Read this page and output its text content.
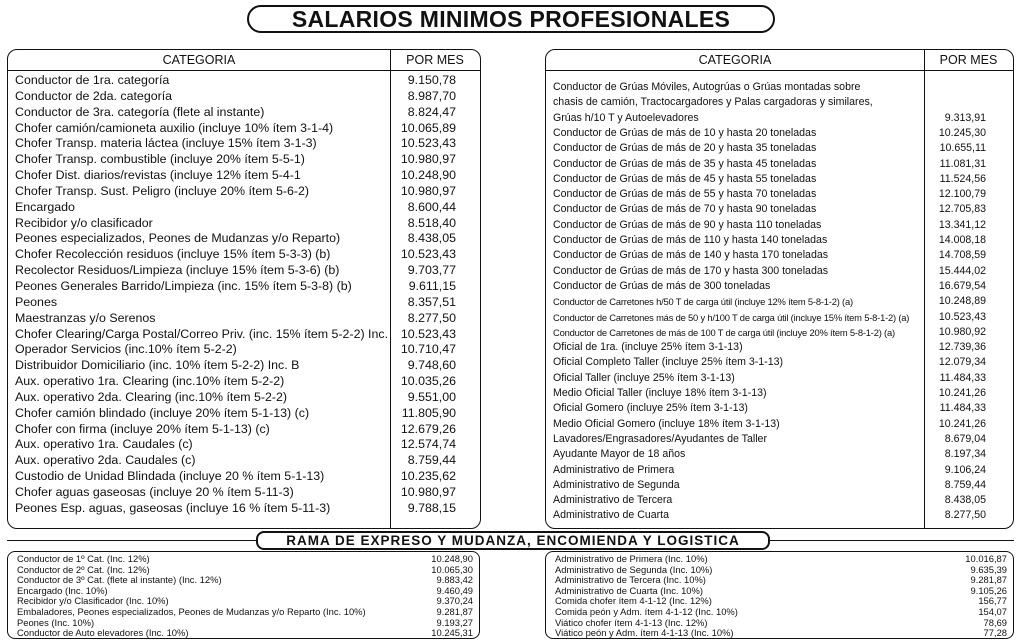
SALARIOS MINIMOS PROFESIONALES
CATEGORIA	POR MES
Conductor de 1ra. categoría	9.150,78
Conductor de 2da. categoría	8.987,70
Conductor de 3ra. categoría (flete al instante)	8.824,47
Chofer camión/camioneta auxilio (incluye 10% ítem 3-1-4)	10.065,89
Chofer Transp. materia láctea (incluye 15% ítem 3-1-3)	10.523,43
Chofer Transp. combustible (incluye 20% ítem 5-5-1)	10.980,97
Chofer Dist. diarios/revistas (incluye 12% ítem 5-4-1	10.248,90
Chofer Transp. Sust. Peligro (incluye 20% ítem 5-6-2)	10.980,97
Encargado	8.600,44
Recibidor y/o clasificador	8.518,40
Peones especializados, Peones de Mudanzas y/o Reparto)	8.438,05
Chofer Recolección residuos (incluye 15% ítem 5-3-3) (b)	10.523,43
Recolector Residuos/Limpieza (incluye 15% ítem 5-3-6) (b)	9.703,77
Peones Generales Barrido/Limpieza (inc. 15% ítem 5-3-8) (b)	9.611,15
Peones	8.357,51
Maestranzas y/o Serenos	8.277,50
Chofer Clearing/Carga Postal/Correo Priv. (inc. 15% ítem 5-2-2) Inc. 10.523,43
Operador Servicios (inc.10% ítem 5-2-2)	10.710,47
Distribuidor Domiciliario (inc. 10% ítem 5-2-2) Inc. B	9.748,60
Aux. operativo 1ra. Clearing (inc.10% ítem 5-2-2)	10.035,26
Aux. operativo 2da. Clearing (inc.10% ítem 5-2-2)	9.551,00
Chofer camión blindado (incluye 20% ítem 5-1-13) (c)	11.805,90
Chofer con firma (incluye 20% ítem 5-1-13) (c)	12.679,26
Aux. operativo 1ra. Caudales (c)	12.574,74
Aux. operativo 2da. Caudales (c)	8.759,44
Custodio de Unidad Blindada (incluye 20 % ítem 5-1-13)	10.235,62
Chofer aguas gaseosas (incluye 20 % ítem 5-11-3)	10.980,97
Peones Esp. aguas, gaseosas (incluye 16 % ítem 5-11-3)	9.788,15
CATEGORIA	POR MES
Conductor de Grúas Móviles, Autogrúas o Grúas montadas sobre
chasis de camión, Tractocargadores y Palas cargadoras y similares,
Grúas h/10 T y Autoelevadores	9.313,91
Conductor de Grúas de más de 10 y hasta 20 toneladas	10.245,30
Conductor de Grúas de más de 20 y hasta 35 toneladas	10.655,11
Conductor de Grúas de más de 35 y hasta 45 toneladas	11.081,31
Conductor de Grúas de más de 45 y hasta 55 toneladas	11.524,56
Conductor de Grúas de más de 55 y hasta 70 toneladas	12.100,79
Conductor de Grúas de más de 70 y hasta 90 toneladas	12.705,83
Conductor de Grúas de más de 90 y hasta 110 toneladas	13.341,12
Conductor de Grúas de más de 110 y hasta 140 toneladas	14.008,18
Conductor de Grúas de más de 140 y hasta 170 toneladas	14.708,59
Conductor de Grúas de más de 170 y hasta 300 toneladas	15.444,02
Conductor de Grúas de más de 300 toneladas	16.679,54
Conductor de Carretones h/50 T de carga útil (incluye 12% ítem 5-8-1-2) (a)	10.248,89
Conductor de Carretones más de 50 y h/100 T de carga útil (incluye 15% ítem 5-8-1-2) (a)	10.523,43
Conductor de Carretones de más de 100 T de carga útil (incluye 20% ítem 5-8-1-2) (a)	10.980,92
Oficial de 1ra. (incluye 25% ítem 3-1-13)	12.739,36
Oficial Completo Taller (incluye 25% ítem 3-1-13)	12.079,34
Oficial Taller (incluye 25% ítem 3-1-13)	11.484,33
Medio Oficial Taller (incluye 18% ítem 3-1-13)	10.241,26
Oficial Gomero (incluye 25% ítem 3-1-13)	11.484,33
Medio Oficial Gomero (incluye 18% ítem 3-1-13)	10.241,26
Lavadores/Engrasadores/Ayudantes de Taller	8.679,04
Ayudante Mayor de 18 años	8.197,34
Administrativo de Primera	9.106,24
Administrativo de Segunda	8.759,44
Administrativo de Tercera	8.438,05
Administrativo de Cuarta	8.277,50
RAMA DE EXPRESO Y MUDANZA, ENCOMIENDA Y LOGISTICA
Conductor de 1º Cat. (Inc. 12%)	10.248,90
Conductor de 2º Cat. (Inc. 12%)	10.065,30
Conductor de 3º Cat. (flete al instante) (Inc. 12%)	9.883,42
Encargado (Inc. 10%)	9.460,49
Recibidor y/o Clasificador (Inc. 10%)	9.370,24
Embaladores, Peones especializados, Peones de Mudanzas y/o Reparto (Inc. 10%)	9.281,87
Peones (Inc. 10%)	9.193,27
Conductor de Auto elevadores (Inc. 10%)	10.245,31
Administrativo de Primera (Inc. 10%)	10.016,87
Administrativo de Segunda (Inc. 10%)	9.635,39
Administrativo de Tercera (Inc. 10%)	9.281,87
Administrativo de Cuarta (Inc. 10%)	9.105,26
Comida chofer ítem 4-1-12 (Inc. 12%)	156,77
Comida peón y Adm. ítem 4-1-12 (Inc. 10%)	154,07
Viático chofer ítem 4-1-13 (Inc. 12%)	78,69
Viático peón y Adm. ítem 4-1-13 (Inc. 10%)	77,28
